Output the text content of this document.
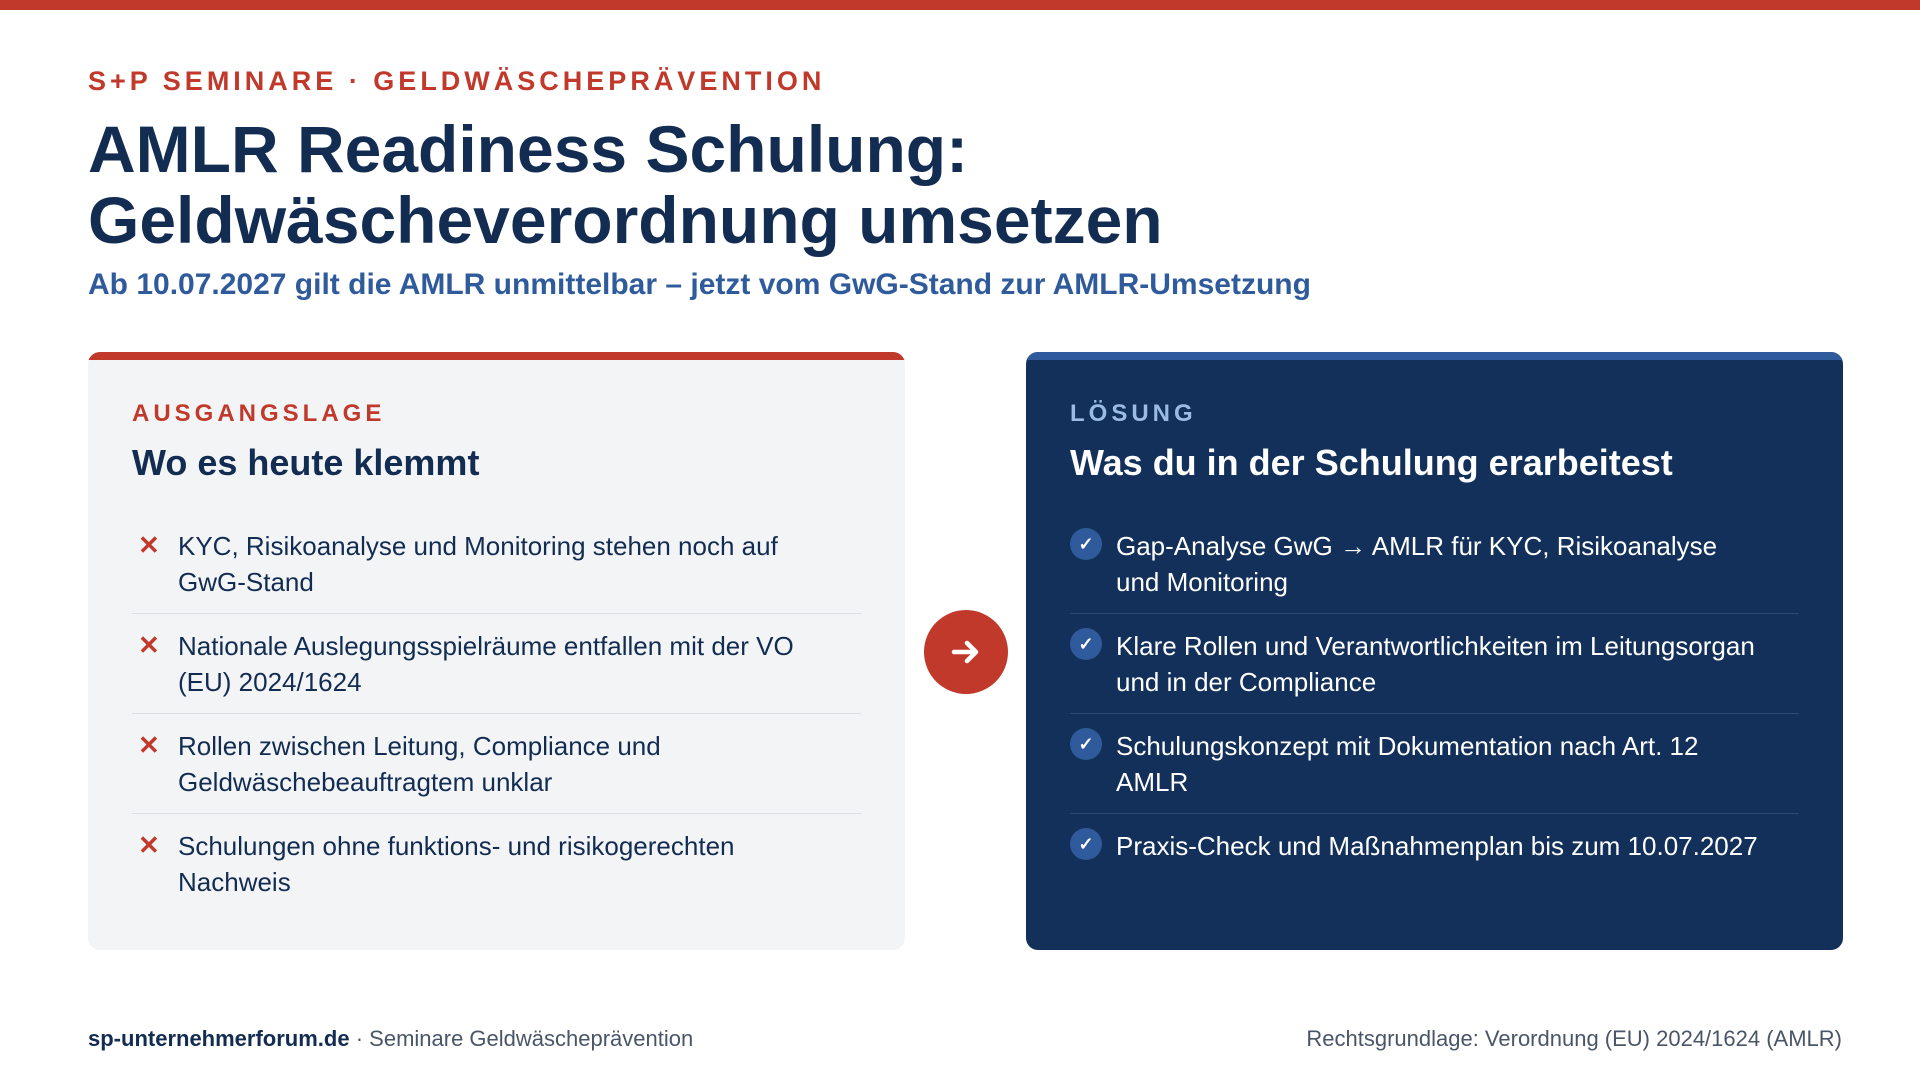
S+P SEMINARE · GELDWÄSCHEPRÄVENTION
AMLR Readiness Schulung:
Geldwäscheverordnung umsetzen
Ab 10.07.2027 gilt die AMLR unmittelbar – jetzt vom GwG-Stand zur AMLR-Umsetzung
AUSGANGSLAGE
Wo es heute klemmt
✕ KYC, Risikoanalyse und Monitoring stehen noch auf GwG-Stand
✕ Nationale Auslegungsspielräume entfallen mit der VO (EU) 2024/1624
✕ Rollen zwischen Leitung, Compliance und Geldwäschebeauftragtem unklar
✕ Schulungen ohne funktions- und risikogerechten Nachweis
LÖSUNG
Was du in der Schulung erarbeitest
✓ Gap-Analyse GwG → AMLR für KYC, Risikoanalyse und Monitoring
✓ Klare Rollen und Verantwortlichkeiten im Leitungsorgan und in der Compliance
✓ Schulungskonzept mit Dokumentation nach Art. 12 AMLR
✓ Praxis-Check und Maßnahmenplan bis zum 10.07.2027
sp-unternehmerforum.de · Seminare Geldwäscheprävention	Rechtsgrundlage: Verordnung (EU) 2024/1624 (AMLR)
